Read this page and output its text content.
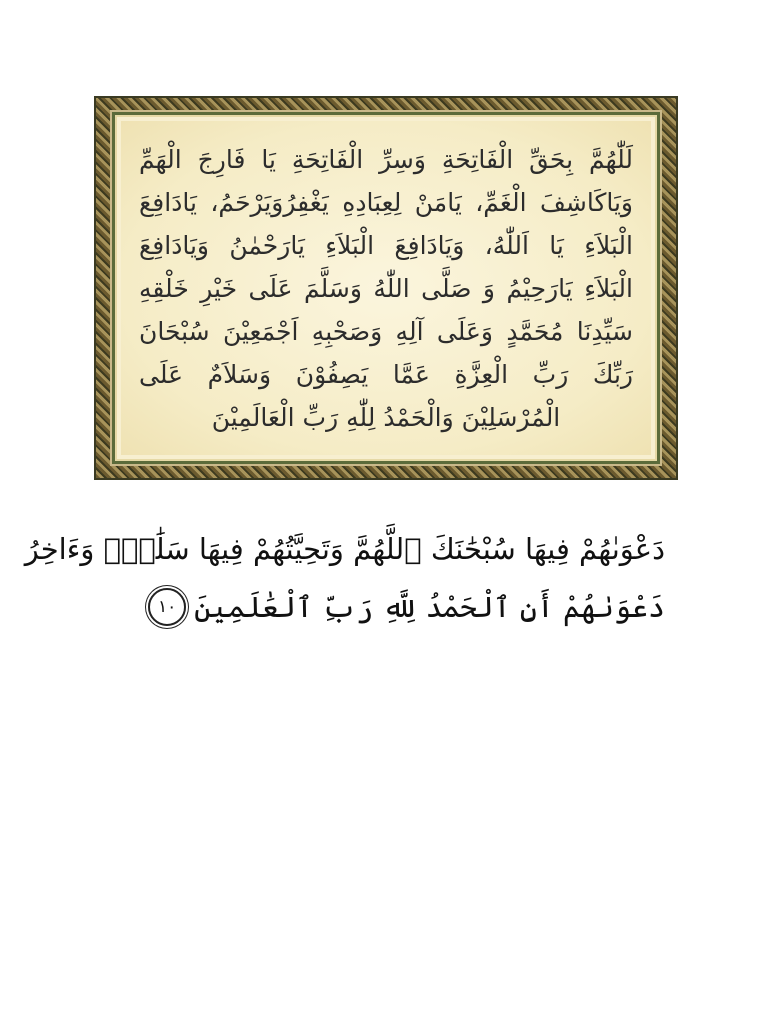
لَلّٰهُمَّ بِحَقِّ الْفَاتِحَةِ وَسِرِّ الْفَاتِحَةِ يَا فَارِجَ الْهَمِّ
وَيَاكَاشِفَ الْغَمِّ، يَامَنْ لِعِبَادِهِ يَغْفِرُوَيَرْحَمُ، يَادَافِعَ
الْبَلاَءِ يَا اَللّٰهُ، وَيَادَافِعَ الْبَلاَءِ يَارَحْمٰنُ وَيَادَافِعَ
الْبَلاَءِ يَارَحِيْمُ وَ صَلَّى اللّٰهُ وَسَلَّمَ عَلَى خَيْرِ خَلْقِهِ
سَيِّدِنَا مُحَمَّدٍ وَعَلَى آلِهِ وَصَحْبِهِ اَجْمَعِيْنَ سُبْحَانَ
رَبِّكَ رَبِّ الْعِزَّةِ عَمَّا يَصِفُوْنَ وَسَلاَمٌ عَلَى
الْمُرْسَلِيْنَ وَالْحَمْدُ لِلّٰهِ رَبِّ الْعَالَمِيْنَ
دَعْوَىٰهُمْ فِيهَا سُبْحَٰنَكَ ٱللَّهُمَّ وَتَحِيَّتُهُمْ فِيهَا سَلَٰمٌۚ وَءَاخِرُ
دَعْوَىٰهُمْ أَنِ ٱلْحَمْدُ لِلَّهِ رَبِّ ٱلْعَٰلَمِينَ
١٠
